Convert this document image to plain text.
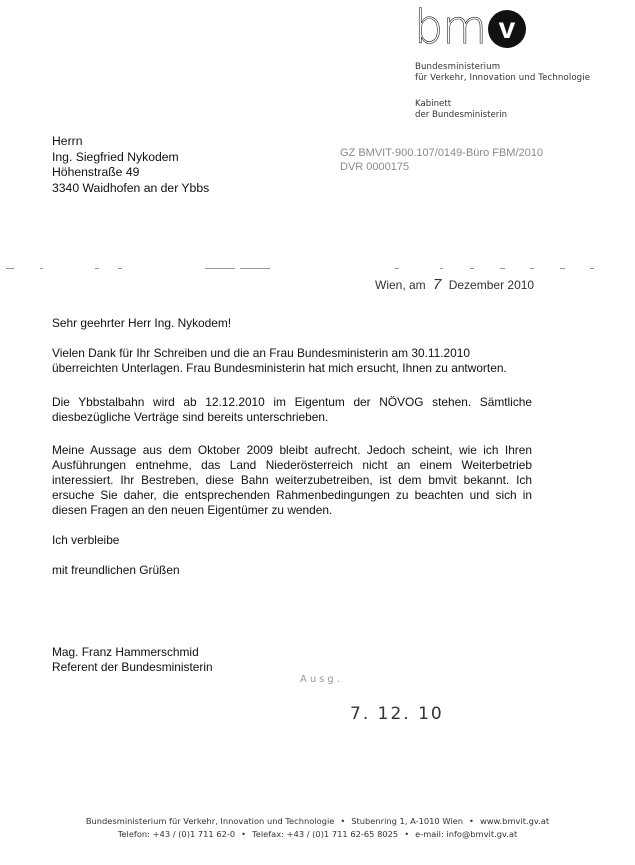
bm v
Bundesministerium
für Verkehr, Innovation und Technologie
Kabinett
der Bundesministerin
Herrn
Ing. Siegfried Nykodem
Höhenstraße 49
3340 Waidhofen an der Ybbs
GZ BMVIT-900.107/0149-Büro FBM/2010
DVR 0000175
Wien, am 7 Dezember 2010
Sehr geehrter Herr Ing. Nykodem!
Vielen Dank für Ihr Schreiben und die an Frau Bundesministerin am 30.11.2010 überreichten Unterlagen. Frau Bundesministerin hat mich ersucht, Ihnen zu antworten.
Die Ybbstalbahn wird ab 12.12.2010 im Eigentum der NÖVOG stehen. Sämtliche diesbezügliche Verträge sind bereits unterschrieben.
Meine Aussage aus dem Oktober 2009 bleibt aufrecht. Jedoch scheint, wie ich Ihren Ausführungen entnehme, das Land Niederösterreich nicht an einem Weiterbetrieb interessiert. Ihr Bestreben, diese Bahn weiterzubetreiben, ist dem bmvit bekannt. Ich ersuche Sie daher, die entsprechenden Rahmenbedingungen zu beachten und sich in diesen Fragen an den neuen Eigentümer zu wenden.
Ich verbleibe
mit freundlichen Grüßen
Mag. Franz Hammerschmid
Referent der Bundesministerin
Ausg.
7. 12. 10
Bundesministerium für Verkehr, Innovation und Technologie • Stubenring 1, A-1010 Wien • www.bmvit.gv.at
Telefon: +43 / (0)1 711 62-0 • Telefax: +43 / (0)1 711 62-65 8025 • e-mail: info@bmvit.gv.at
